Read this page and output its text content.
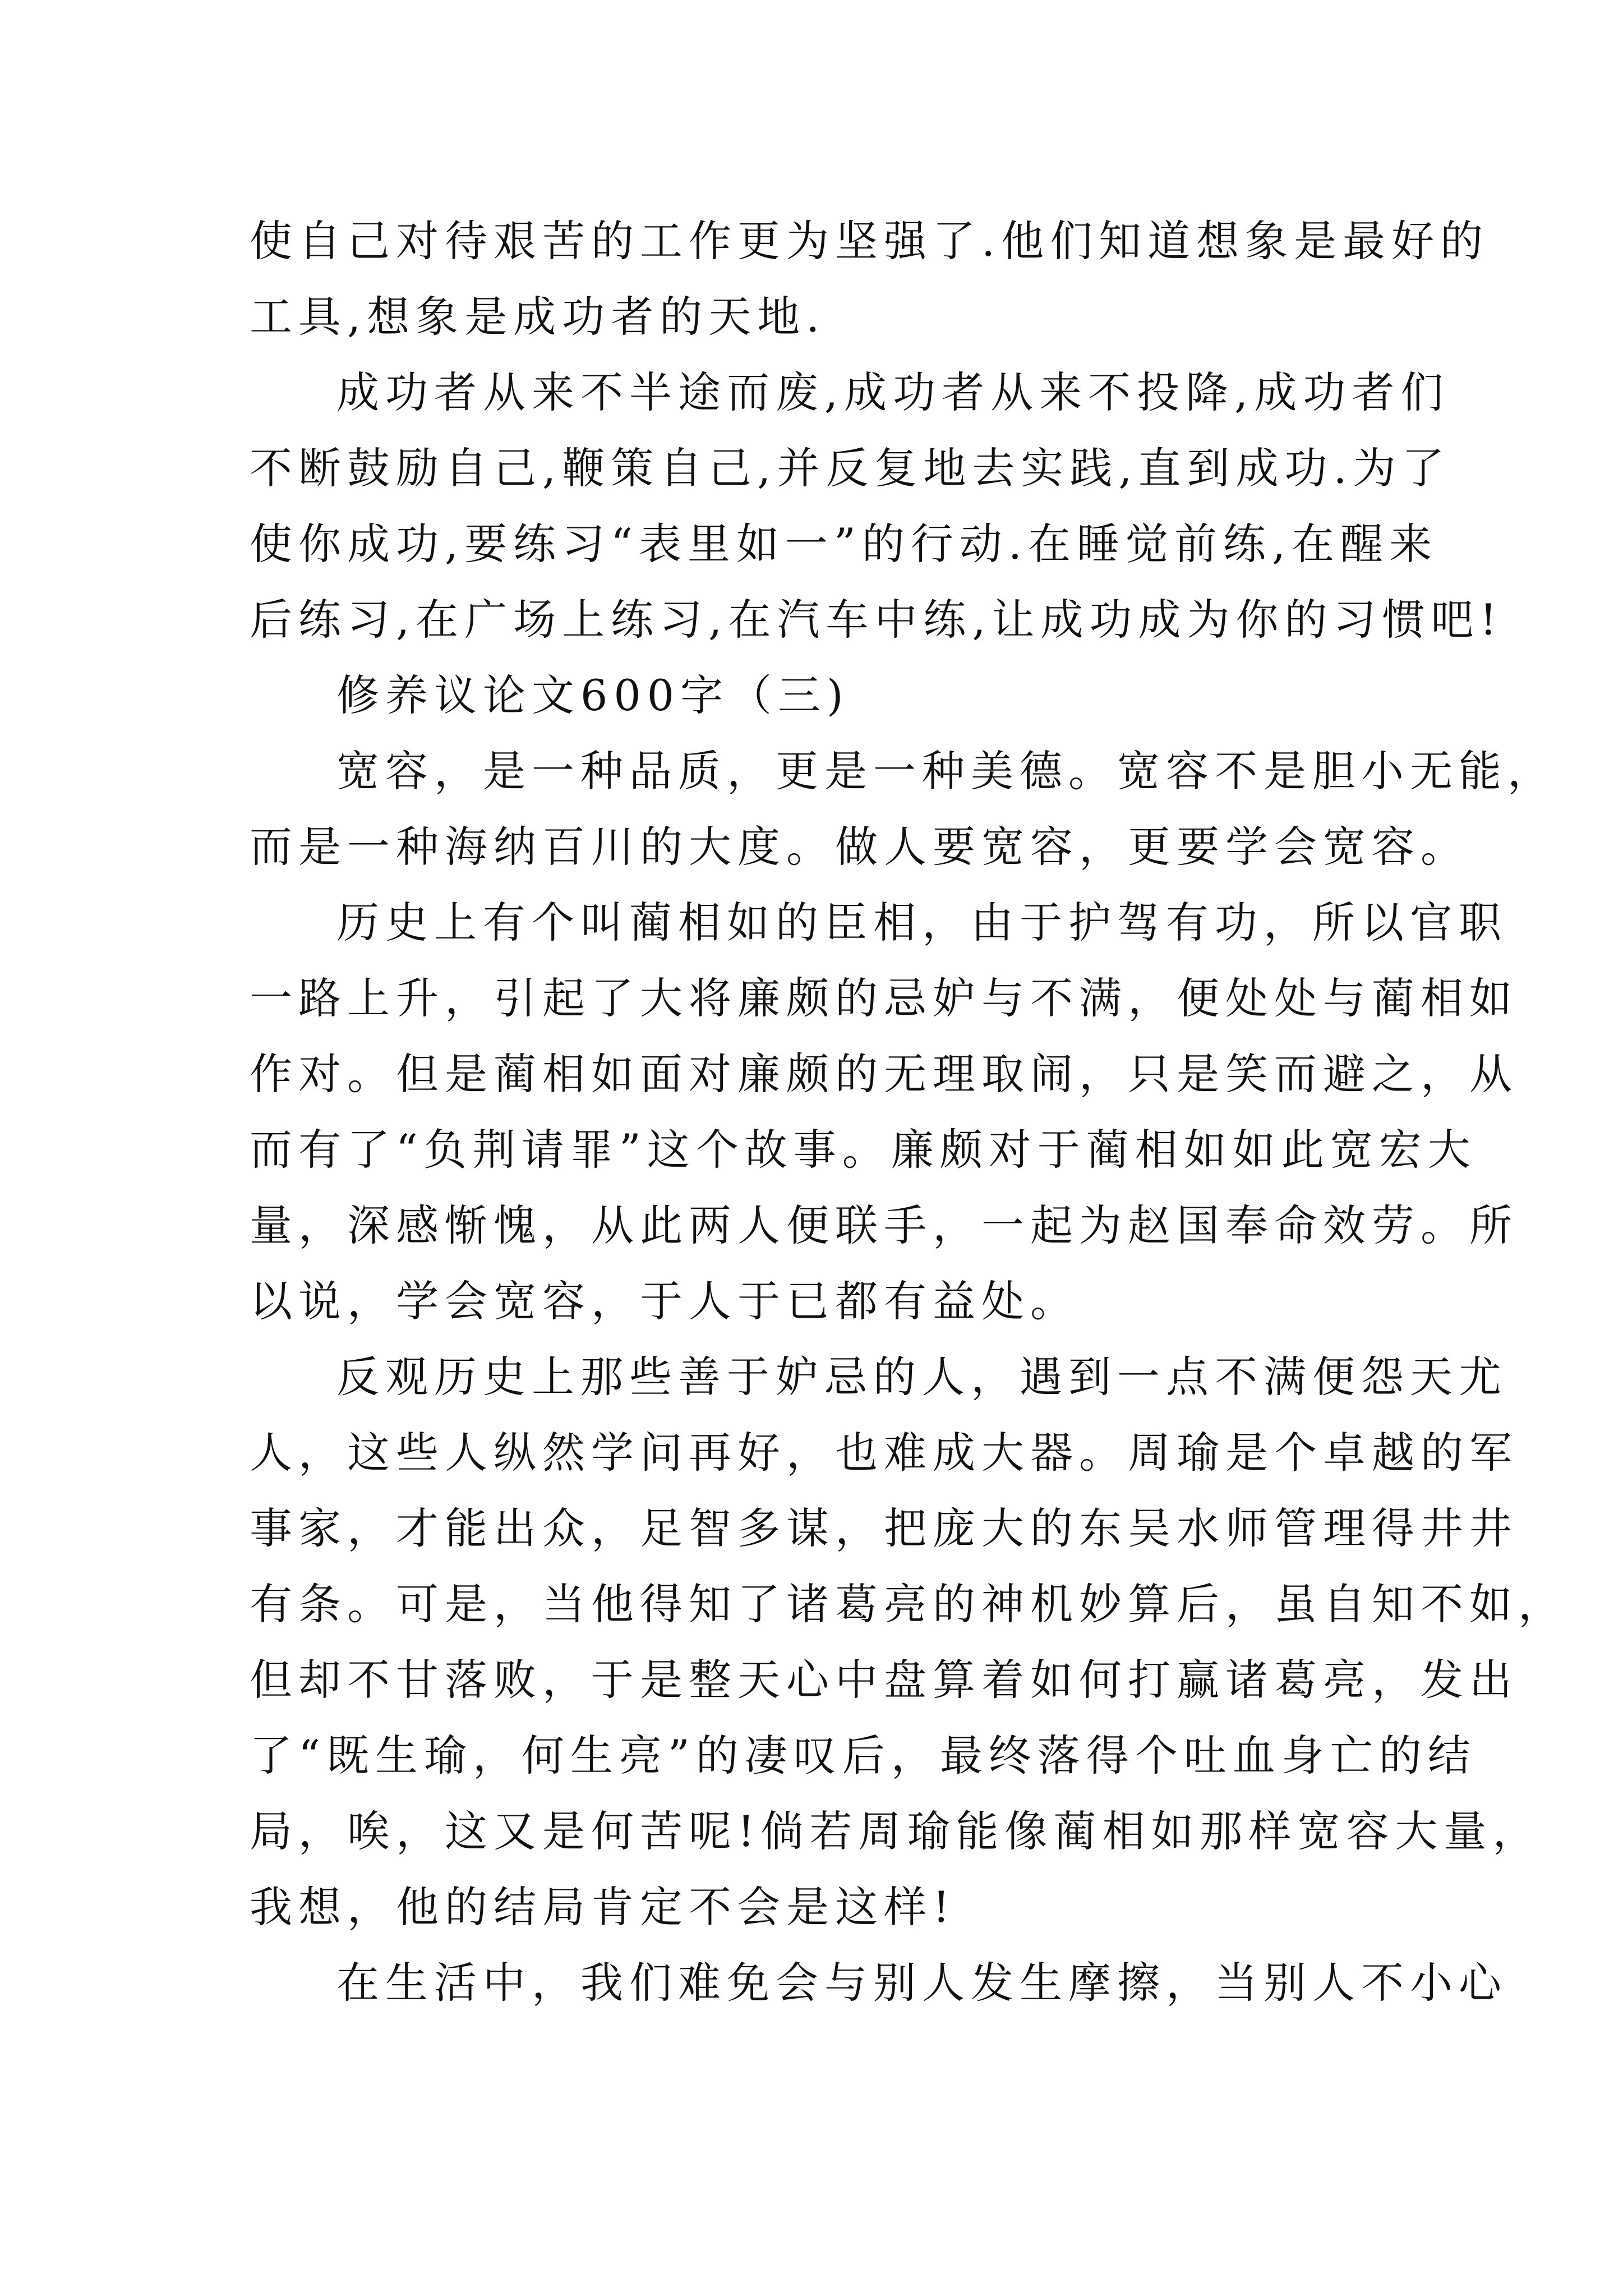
使自己对待艰苦的工作更为坚强了.他们知道想象是最好的
工具,想象是成功者的天地.
成功者从来不半途而废,成功者从来不投降,成功者们
不断鼓励自己,鞭策自己,并反复地去实践,直到成功.为了
使你成功,要练习“表里如一”的行动.在睡觉前练,在醒来
后练习,在广场上练习,在汽车中练,让成功成为你的习惯吧!
修养议论文600字（三)
宽容，是一种品质，更是一种美德。宽容不是胆小无能，
而是一种海纳百川的大度。做人要宽容，更要学会宽容。
历史上有个叫蔺相如的臣相，由于护驾有功，所以官职
一路上升，引起了大将廉颇的忌妒与不满，便处处与蔺相如
作对。但是蔺相如面对廉颇的无理取闹，只是笑而避之，从
而有了“负荆请罪”这个故事。廉颇对于蔺相如如此宽宏大
量，深感惭愧，从此两人便联手，一起为赵国奉命效劳。所
以说，学会宽容，于人于已都有益处。
反观历史上那些善于妒忌的人，遇到一点不满便怨天尤
人，这些人纵然学问再好，也难成大器。周瑜是个卓越的军
事家，才能出众，足智多谋，把庞大的东吴水师管理得井井
有条。可是，当他得知了诸葛亮的神机妙算后，虽自知不如，
但却不甘落败，于是整天心中盘算着如何打赢诸葛亮，发出
了“既生瑜，何生亮”的凄叹后，最终落得个吐血身亡的结
局，唉，这又是何苦呢!倘若周瑜能像蔺相如那样宽容大量，
我想，他的结局肯定不会是这样!
在生活中，我们难免会与别人发生摩擦，当别人不小心
